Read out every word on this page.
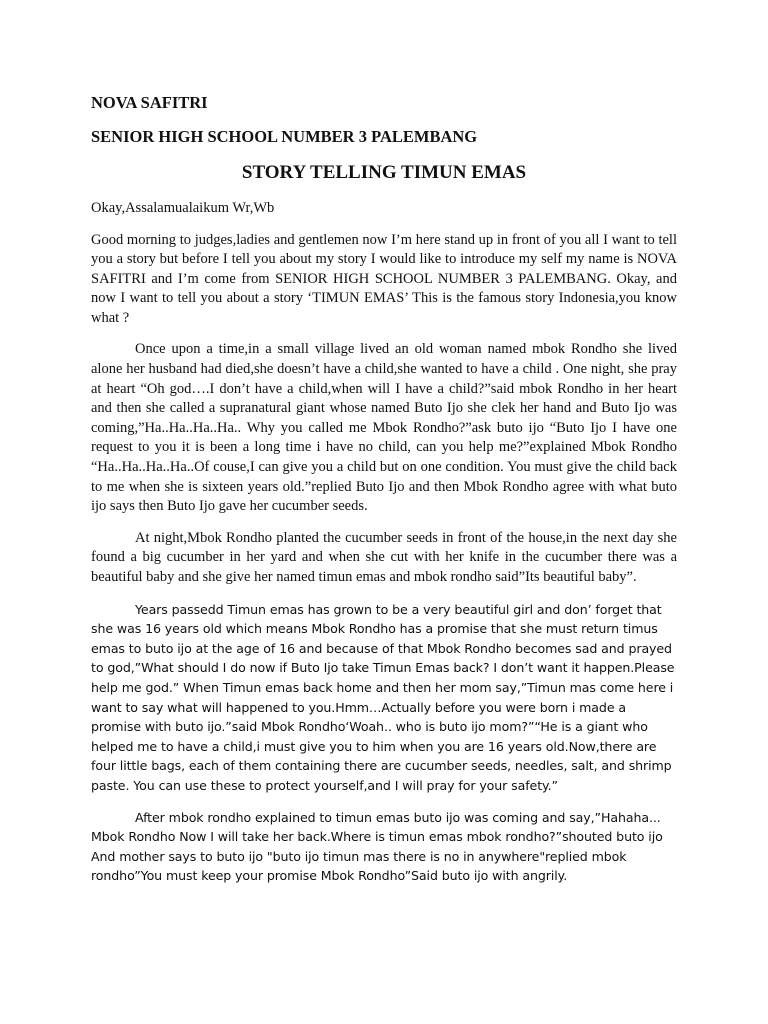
NOVA SAFITRI
SENIOR HIGH SCHOOL NUMBER 3 PALEMBANG
STORY TELLING TIMUN EMAS
Okay,Assalamualaikum Wr,Wb

Good morning to judges,ladies and gentlemen now I’m here stand up in front of you all I want to tell you a story but before I tell you about my story I would like to introduce my self my name is NOVA SAFITRI and I’m come from SENIOR HIGH SCHOOL NUMBER 3 PALEMBANG. Okay, and now I want to tell you about a story ‘TIMUN EMAS’ This is the famous story Indonesia,you know what ?

Once upon a time,in a small village lived an old woman named mbok Rondho she lived alone her husband had died,she doesn’t have a child,she wanted to have a child . One night, she pray at heart “Oh god….I don’t have a child,when will I have a child?”said mbok Rondho in her heart and then she called a supranatural giant whose named Buto Ijo she clek her hand and Buto Ijo was coming,”Ha..Ha..Ha..Ha.. Why you called me Mbok Rondho?”ask buto ijo “Buto Ijo I have one request to you it is been a long time i have no child, can you help me?”explained Mbok Rondho “Ha..Ha..Ha..Ha..Of couse,I can give you a child but on one condition. You must give the child back to me when she is sixteen years old.”replied Buto Ijo and then Mbok Rondho agree with what buto ijo says then Buto Ijo gave her cucumber seeds.

At night,Mbok Rondho planted the cucumber seeds in front of the house,in the next day she found a big cucumber in her yard and when she cut with her knife in the cucumber there was a beautiful baby and she give her named timun emas and mbok rondho said”Its beautiful baby”.

Years passedd Timun emas has grown to be a very beautiful girl and don’ forget that she was 16 years old which means Mbok Rondho has a promise that she must return timus emas to buto ijo at the age of 16 and because of that Mbok Rondho becomes sad and prayed to god,”What should I do now if Buto Ijo take Timun Emas back? I don’t want it happen.Please help me god.” When Timun emas back home and then her mom say,”Timun mas come here i want to say what will happened to you.Hmm…Actually before you were born i made a promise with buto ijo.”said Mbok Rondho‘Woah.. who is buto ijo mom?”“He is a giant who helped me to have a child,i must give you to him when you are 16 years old.Now,there are four little bags, each of them containing there are cucumber seeds, needles, salt, and shrimp paste. You can use these to protect yourself,and I will pray for your safety.”

After mbok rondho explained to timun emas buto ijo was coming and say,”Hahaha... Mbok Rondho Now I will take her back.Where is timun emas mbok rondho?”shouted buto ijo And mother says to buto ijo "buto ijo timun mas there is no in anywhere"replied mbok rondho”You must keep your promise Mbok Rondho”Said buto ijo with angrily.
